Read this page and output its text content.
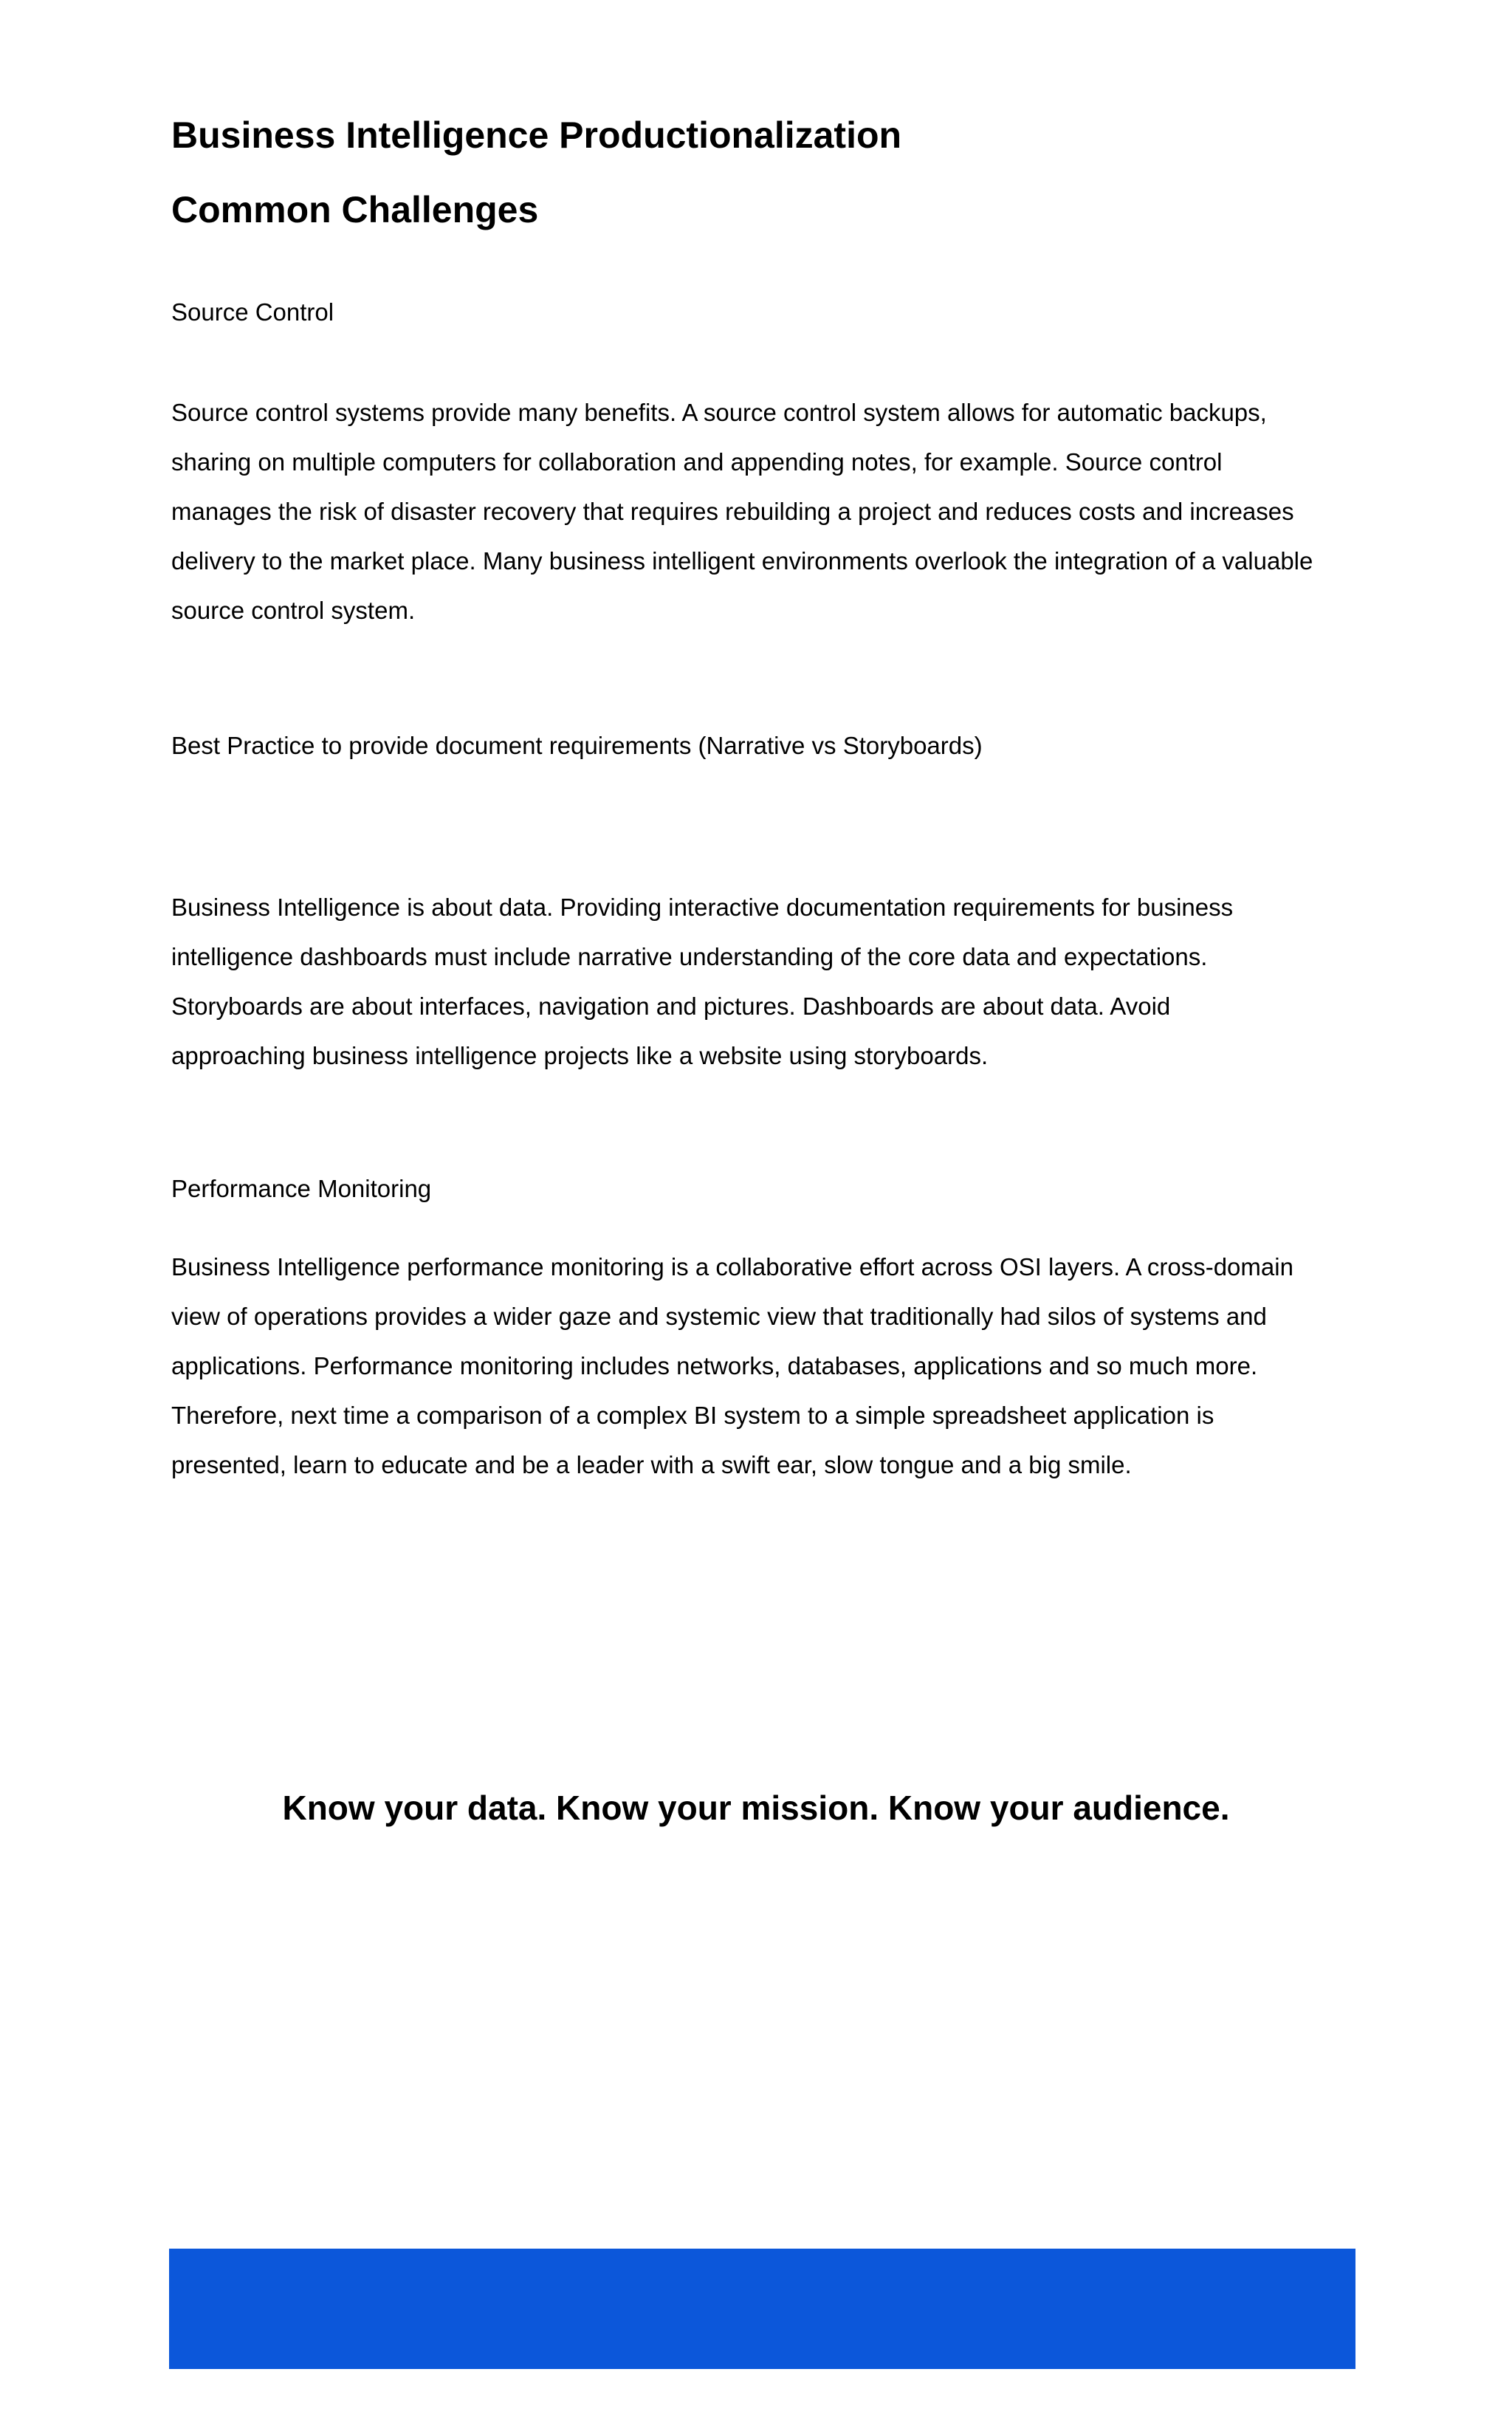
Business Intelligence Productionalization
Common Challenges

Source Control

Source control systems provide many benefits. A source control system allows for automatic backups,
sharing on multiple computers for collaboration and appending notes, for example. Source control
manages the risk of disaster recovery that requires rebuilding a project and reduces costs and increases
delivery to the market place. Many business intelligent environments overlook the integration of a valuable
source control system.

Best Practice to provide document requirements (Narrative vs Storyboards)

Business Intelligence is about data. Providing interactive documentation requirements for business
intelligence dashboards must include narrative understanding of the core data and expectations.
Storyboards are about interfaces, navigation and pictures. Dashboards are about data. Avoid
approaching business intelligence projects like a website using storyboards.

Performance Monitoring

Business Intelligence performance monitoring is a collaborative effort across OSI layers. A cross-domain
view of operations provides a wider gaze and systemic view that traditionally had silos of systems and
applications. Performance monitoring includes networks, databases, applications and so much more.
Therefore, next time a comparison of a complex BI system to a simple spreadsheet application is
presented, learn to educate and be a leader with a swift ear, slow tongue and a big smile.

Know your data. Know your mission. Know your audience.
